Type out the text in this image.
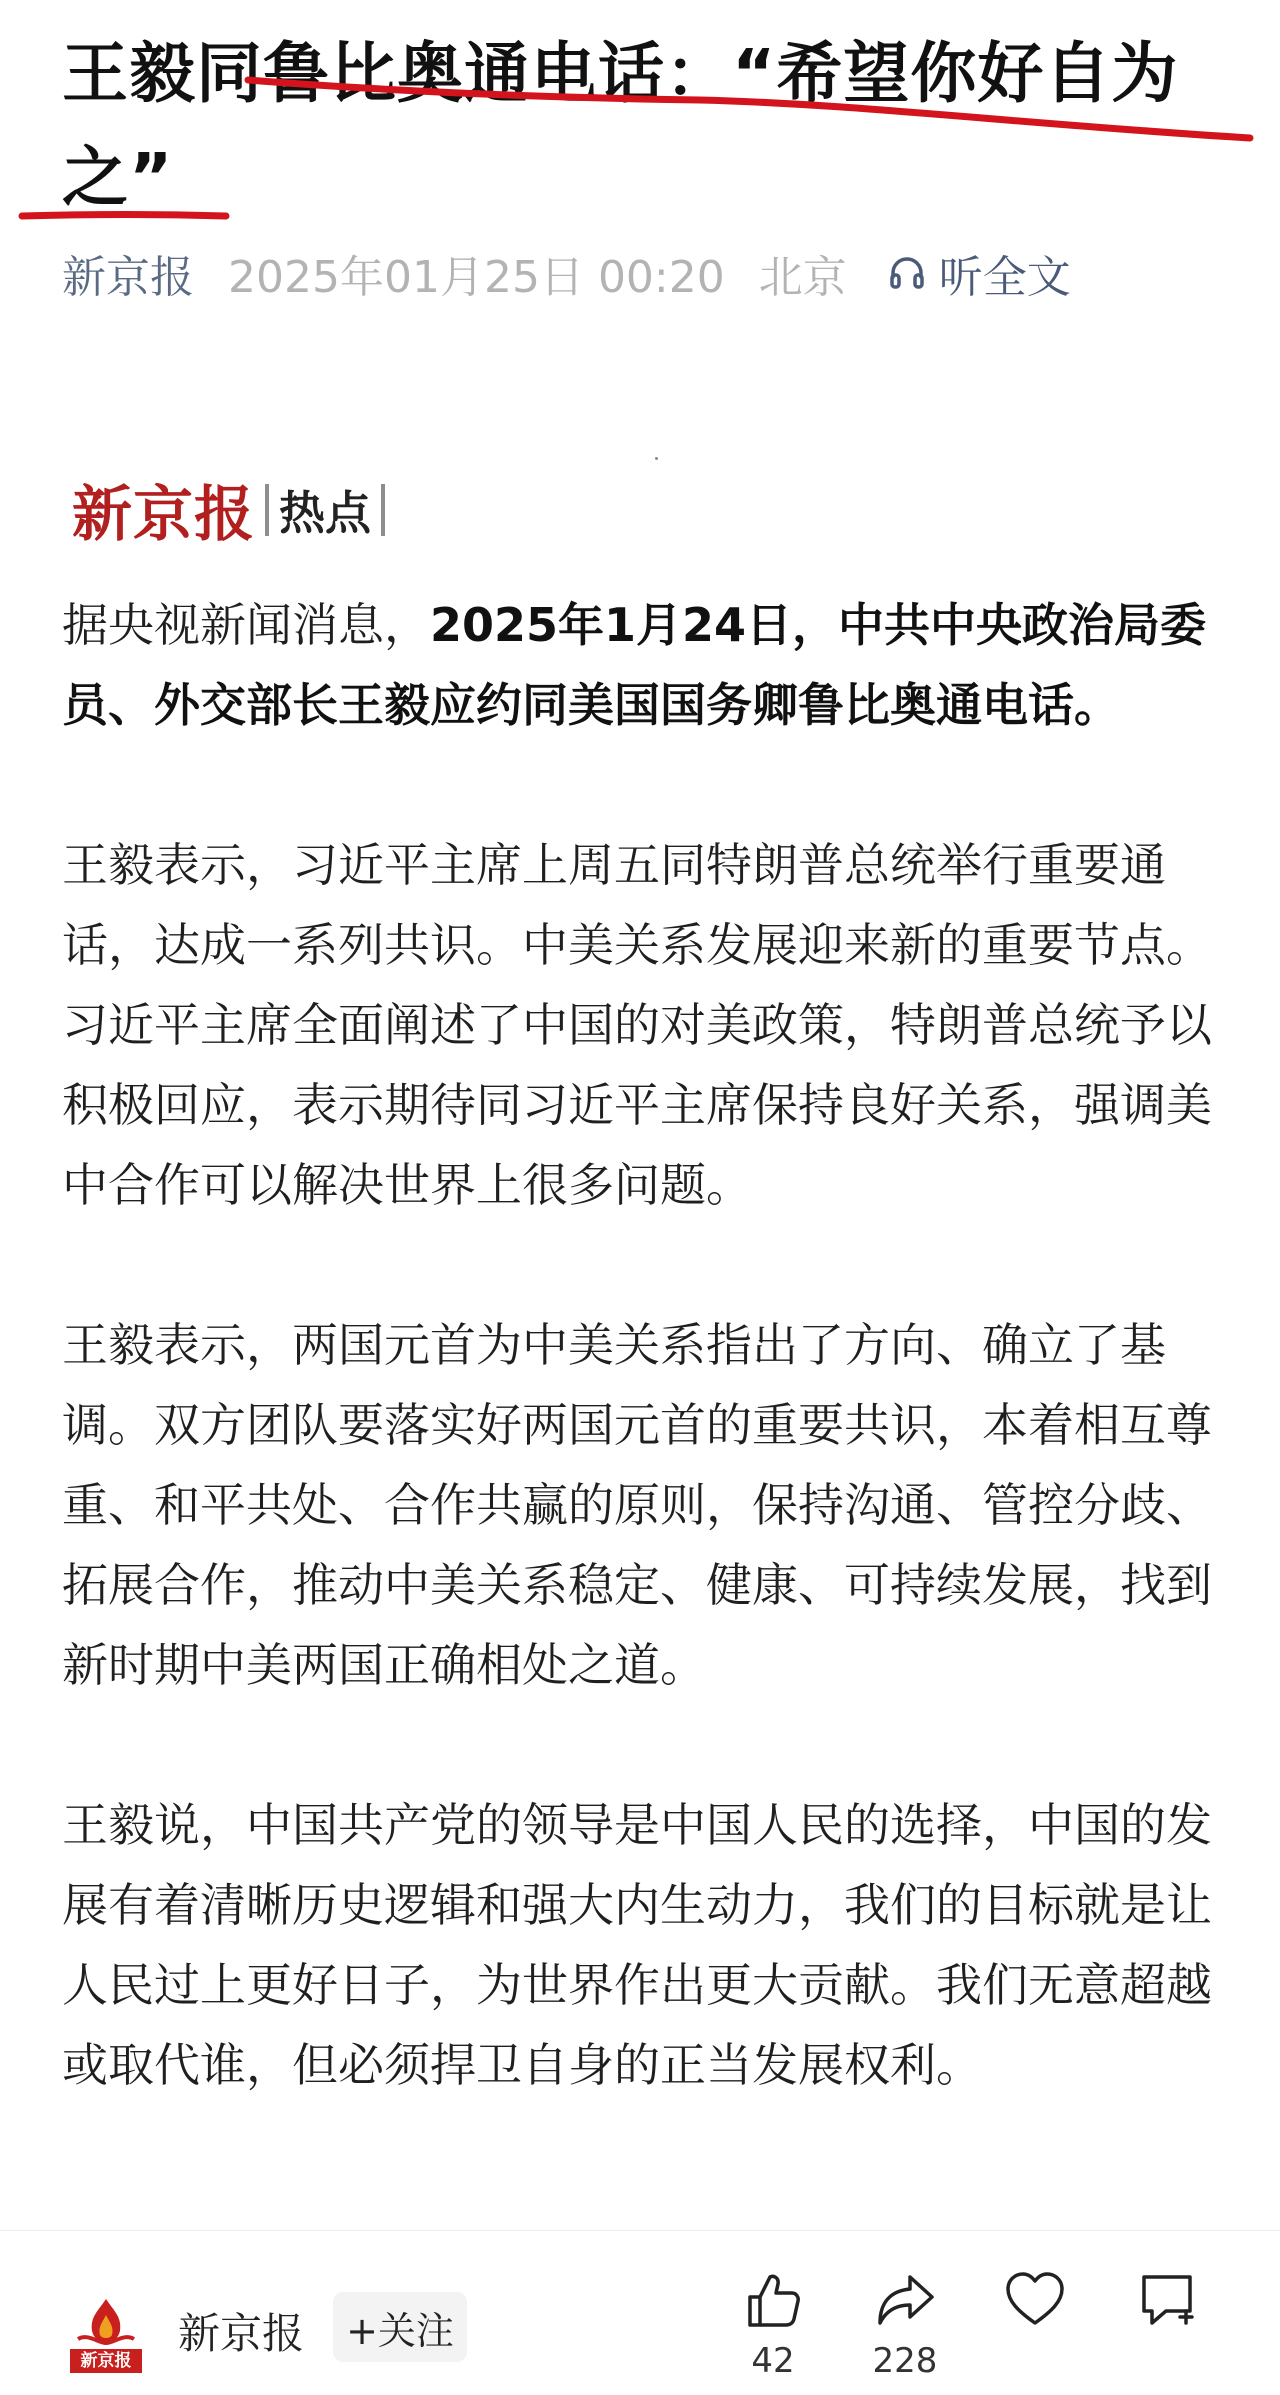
王毅同鲁比奥通电话：“希望你好自为之”
新京报 2025年01月25日 00:20 北京 听全文
新京报 热点

据央视新闻消息，2025年1月24日，中共中央政治局委员、外交部长王毅应约同美国国务卿鲁比奥通电话。

王毅表示，习近平主席上周五同特朗普总统举行重要通话，达成一系列共识。中美关系发展迎来新的重要节点。习近平主席全面阐述了中国的对美政策，特朗普总统予以积极回应，表示期待同习近平主席保持良好关系，强调美中合作可以解决世界上很多问题。

王毅表示，两国元首为中美关系指出了方向、确立了基调。双方团队要落实好两国元首的重要共识，本着相互尊重、和平共处、合作共赢的原则，保持沟通、管控分歧、拓展合作，推动中美关系稳定、健康、可持续发展，找到新时期中美两国正确相处之道。

王毅说，中国共产党的领导是中国人民的选择，中国的发展有着清晰历史逻辑和强大内生动力，我们的目标就是让人民过上更好日子，为世界作出更大贡献。我们无意超越或取代谁，但必须捍卫自身的正当发展权利。

新京报
新京报	+关注
42 228
